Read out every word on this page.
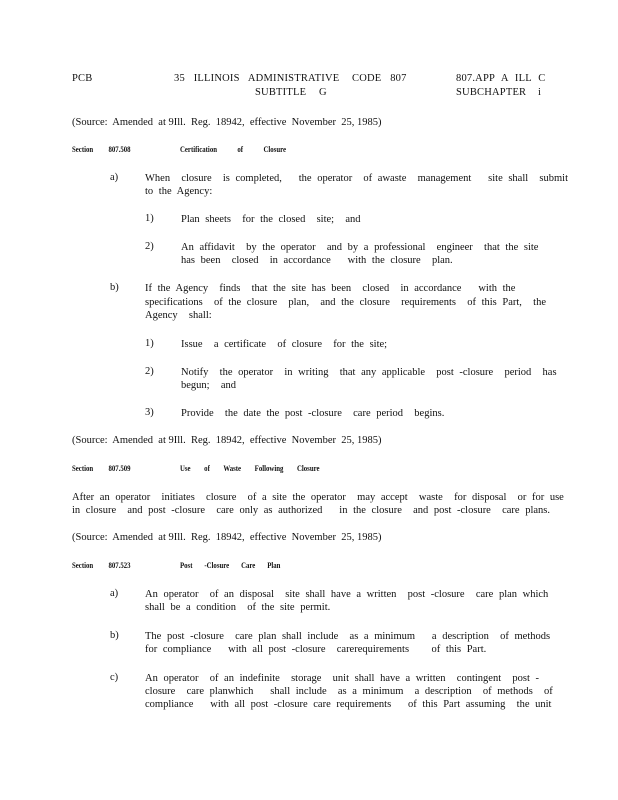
PCB	35 ILLINOIS ADMINISTRATIVE CODE 807
SUBTITLE G
807.APP A ILL C
SUBCHAPTER i
(Source:  Amended  at 9Ill.  Reg.  18942,  effective  November  25, 1985)
Section 807.508	Certification of Closure
a)	When  closure  is completed,   the operator  of awaste  management   site shall  submit
to the Agency:
1)	Plan sheets  for the closed  site;  and
2)	An affidavit  by the operator  and by a professional  engineer  that the site
has been  closed  in accordance   with the closure  plan.
b)	If the Agency  finds  that the site has been  closed  in accordance   with the
specifications  of the closure  plan,  and the closure  requirements  of this Part,  the
Agency  shall:
1)	Issue  a certificate  of closure  for the site;
2)	Notify  the operator  in writing  that any applicable  post -closure  period  has
begun;  and
3)	Provide  the date the post -closure  care period  begins.
(Source:  Amended  at 9Ill.  Reg.  18942,  effective  November  25, 1985)
Section 807.509	Use of Waste Following Closure
After an operator  initiates  closure  of a site the operator  may accept  waste  for disposal  or for use
in closure  and post -closure  care only as authorized   in the closure  and post -closure  care plans.
(Source:  Amended  at 9Ill.  Reg.  18942,  effective  November  25, 1985)
Section 807.523	Post -Closure Care Plan
a)	An operator  of an disposal  site shall have a written  post -closure  care plan which
shall be a condition  of the site permit.
b)	The post -closure  care plan shall include  as a minimum   a description  of methods
for compliance   with all post -closure  carerequirements    of this Part.
c)	An operator  of an indefinite  storage  unit shall have a written  contingent  post -
closure  care planwhich   shall include  as a minimum  a description  of methods  of
compliance   with all post -closure care requirements   of this Part assuming  the unit
